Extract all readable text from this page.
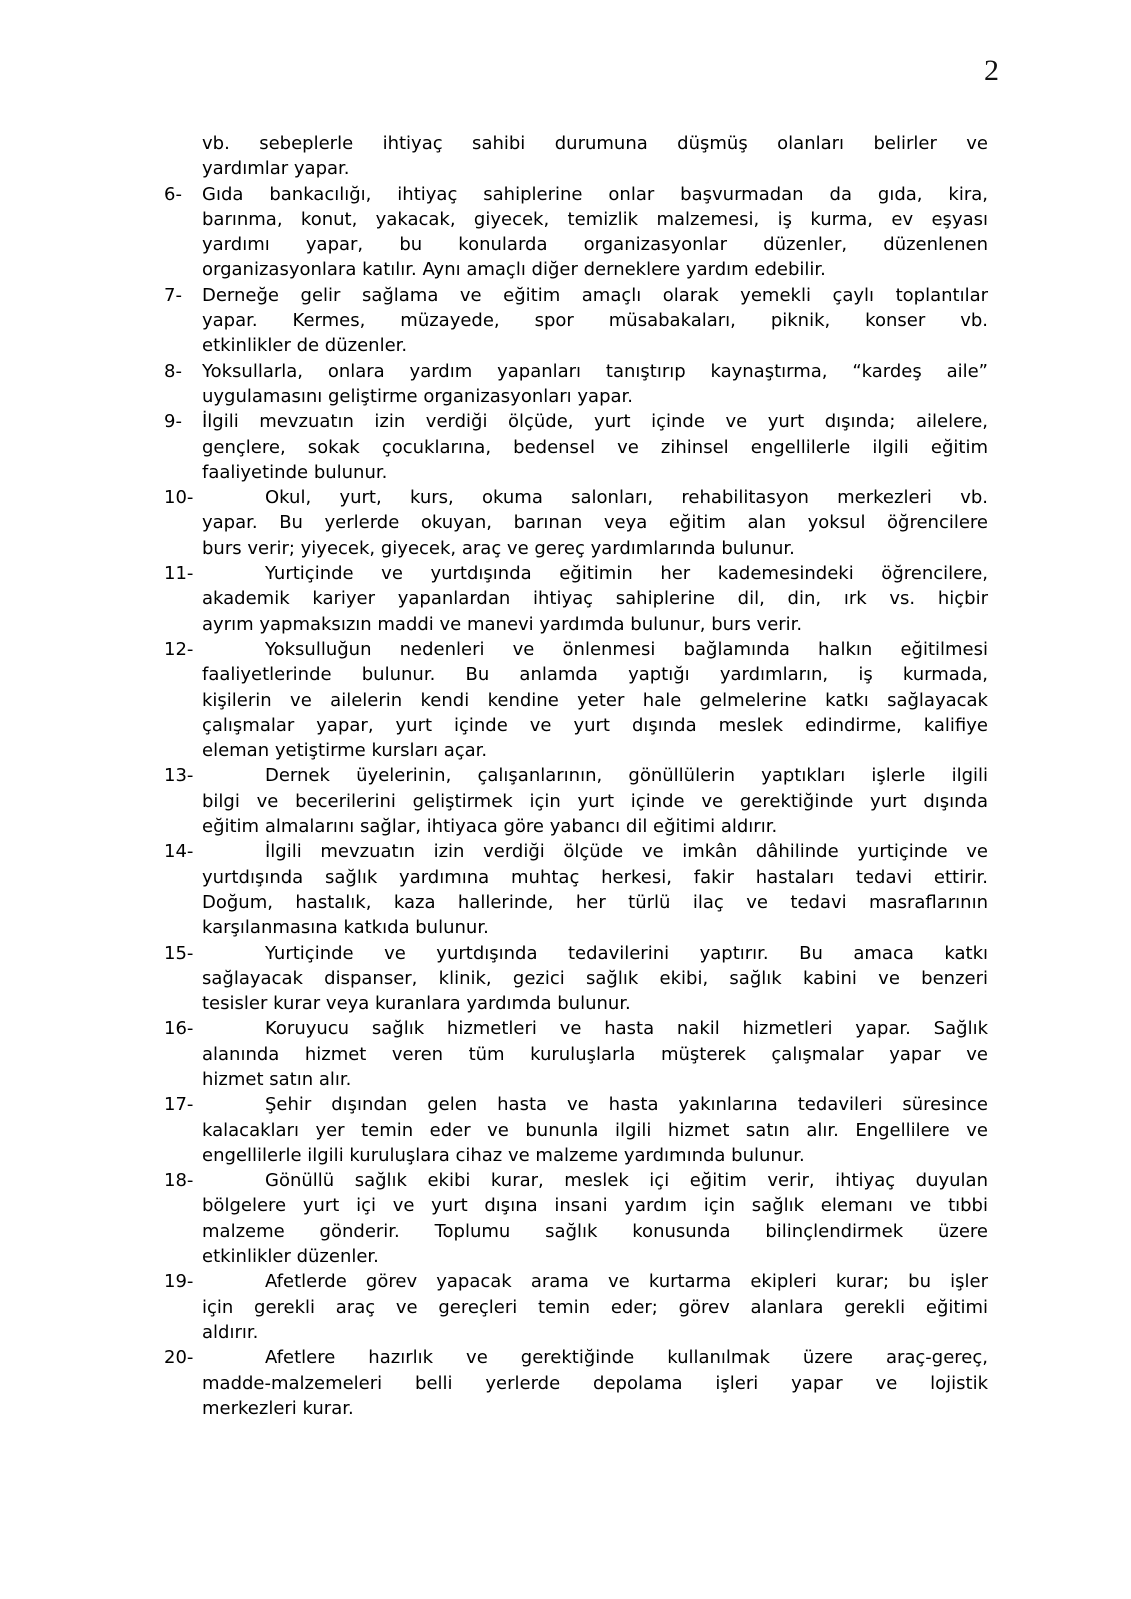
2
vb. sebeplerle ihtiyaç sahibi durumuna düşmüş olanları belirler ve
yardımlar yapar.
6-	Gıda bankacılığı, ihtiyaç sahiplerine onlar başvurmadan da gıda, kira,
barınma, konut, yakacak, giyecek, temizlik malzemesi, iş kurma, ev eşyası
yardımı yapar, bu konularda organizasyonlar düzenler, düzenlenen
organizasyonlara katılır. Aynı amaçlı diğer derneklere yardım edebilir.
7-	Derneğe gelir sağlama ve eğitim amaçlı olarak yemekli çaylı toplantılar
yapar. Kermes, müzayede, spor müsabakaları, piknik, konser vb.
etkinlikler de düzenler.
8-	Yoksullarla, onlara yardım yapanları tanıştırıp kaynaştırma, “kardeş aile”
uygulamasını geliştirme organizasyonları yapar.
9-	İlgili mevzuatın izin verdiği ölçüde, yurt içinde ve yurt dışında; ailelere,
gençlere, sokak çocuklarına, bedensel ve zihinsel engellilerle ilgili eğitim
faaliyetinde bulunur.
10-	Okul, yurt, kurs, okuma salonları, rehabilitasyon merkezleri vb.
yapar. Bu yerlerde okuyan, barınan veya eğitim alan yoksul öğrencilere
burs verir; yiyecek, giyecek, araç ve gereç yardımlarında bulunur.
11-	Yurtiçinde ve yurtdışında eğitimin her kademesindeki öğrencilere,
akademik kariyer yapanlardan ihtiyaç sahiplerine dil, din, ırk vs. hiçbir
ayrım yapmaksızın maddi ve manevi yardımda bulunur, burs verir.
12-	Yoksulluğun nedenleri ve önlenmesi bağlamında halkın eğitilmesi
faaliyetlerinde bulunur. Bu anlamda yaptığı yardımların, iş kurmada,
kişilerin ve ailelerin kendi kendine yeter hale gelmelerine katkı sağlayacak
çalışmalar yapar, yurt içinde ve yurt dışında meslek edindirme, kalifiye
eleman yetiştirme kursları açar.
13-	Dernek üyelerinin, çalışanlarının, gönüllülerin yaptıkları işlerle ilgili
bilgi ve becerilerini geliştirmek için yurt içinde ve gerektiğinde yurt dışında
eğitim almalarını sağlar, ihtiyaca göre yabancı dil eğitimi aldırır.
14-	İlgili mevzuatın izin verdiği ölçüde ve imkân dâhilinde yurtiçinde ve
yurtdışında sağlık yardımına muhtaç herkesi, fakir hastaları tedavi ettirir.
Doğum, hastalık, kaza hallerinde, her türlü ilaç ve tedavi masraflarının
karşılanmasına katkıda bulunur.
15-	Yurtiçinde ve yurtdışında tedavilerini yaptırır. Bu amaca katkı
sağlayacak dispanser, klinik, gezici sağlık ekibi, sağlık kabini ve benzeri
tesisler kurar veya kuranlara yardımda bulunur.
16-	Koruyucu sağlık hizmetleri ve hasta nakil hizmetleri yapar. Sağlık
alanında hizmet veren tüm kuruluşlarla müşterek çalışmalar yapar ve
hizmet satın alır.
17-	Şehir dışından gelen hasta ve hasta yakınlarına tedavileri süresince
kalacakları yer temin eder ve bununla ilgili hizmet satın alır. Engellilere ve
engellilerle ilgili kuruluşlara cihaz ve malzeme yardımında bulunur.
18-	Gönüllü sağlık ekibi kurar, meslek içi eğitim verir, ihtiyaç duyulan
bölgelere yurt içi ve yurt dışına insani yardım için sağlık elemanı ve tıbbi
malzeme gönderir. Toplumu sağlık konusunda bilinçlendirmek üzere
etkinlikler düzenler.
19-	Afetlerde görev yapacak arama ve kurtarma ekipleri kurar; bu işler
için gerekli araç ve gereçleri temin eder; görev alanlara gerekli eğitimi
aldırır.
20-	Afetlere hazırlık ve gerektiğinde kullanılmak üzere araç-gereç,
madde-malzemeleri belli yerlerde depolama işleri yapar ve lojistik
merkezleri kurar.
